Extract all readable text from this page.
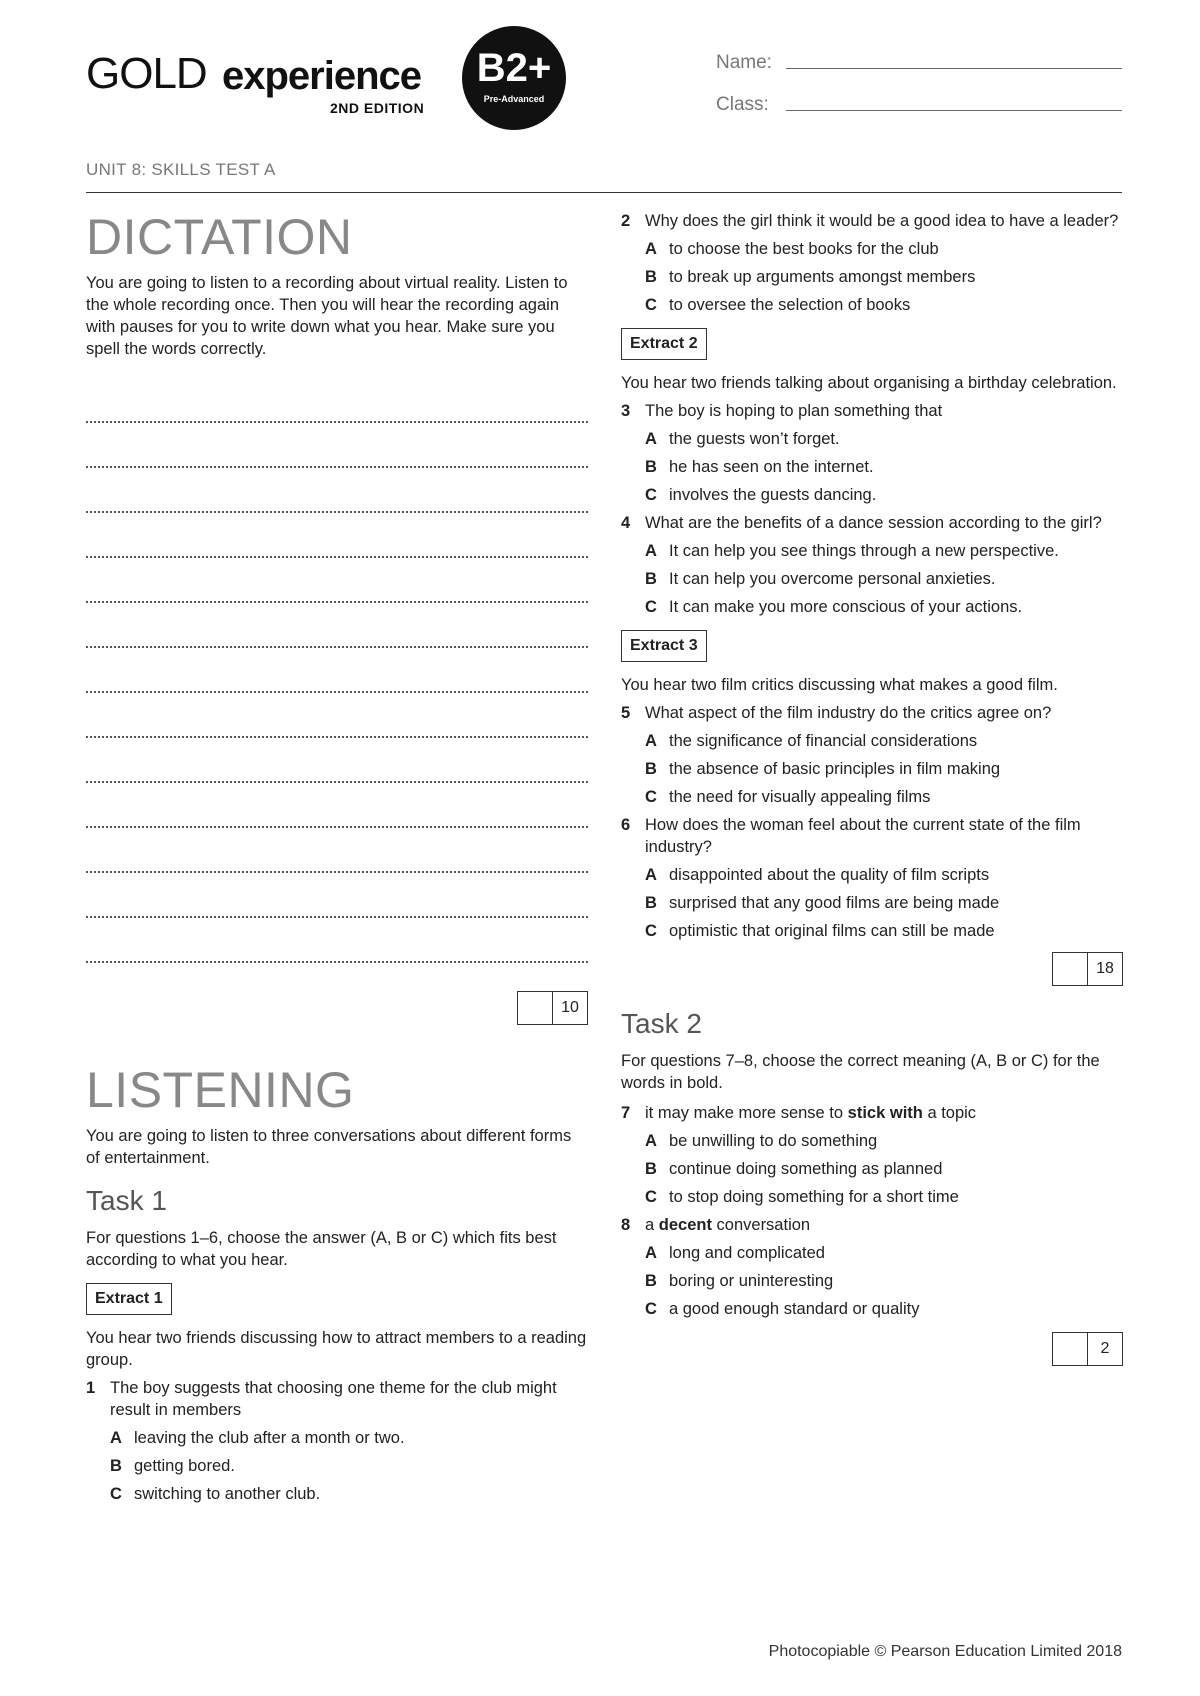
GOLD experience
2ND EDITION
B2+
Pre-Advanced
Name:
Class:
UNIT 8: SKILLS TEST A
DICTATION

You are going to listen to a recording about virtual reality. Listen to the whole recording once. Then you will hear the recording again with pauses for you to write down what you hear. Make sure you spell the words correctly.

10
LISTENING

You are going to listen to three conversations about different forms of entertainment.

Task 1

For questions 1–6, choose the answer (A, B or C) which fits best according to what you hear.

Extract 1

You hear two friends discussing how to attract members to a reading group.

1 The boy suggests that choosing one theme for the club might result in members
A leaving the club after a month or two.
B getting bored.
C switching to another club.
2 Why does the girl think it would be a good idea to have a leader?
A to choose the best books for the club
B to break up arguments amongst members
C to oversee the selection of books
Extract 2

You hear two friends talking about organising a birthday celebration.

3 The boy is hoping to plan something that
A the guests won’t forget.
B he has seen on the internet.
C involves the guests dancing.
4 What are the benefits of a dance session according to the girl?
A It can help you see things through a new perspective.
B It can help you overcome personal anxieties.
C It can make you more conscious of your actions.
Extract 3

You hear two film critics discussing what makes a good film.

5 What aspect of the film industry do the critics agree on?
A the significance of financial considerations
B the absence of basic principles in film making
C the need for visually appealing films
6 How does the woman feel about the current state of the film industry?
A disappointed about the quality of film scripts
B surprised that any good films are being made
C optimistic that original films can still be made
18
Task 2

For questions 7–8, choose the correct meaning (A, B or C) for the words in bold.

7 it may make more sense to stick with a topic
A be unwilling to do something
B continue doing something as planned
C to stop doing something for a short time
8 a decent conversation
A long and complicated
B boring or uninteresting
C a good enough standard or quality
2
Photocopiable © Pearson Education Limited 2018
